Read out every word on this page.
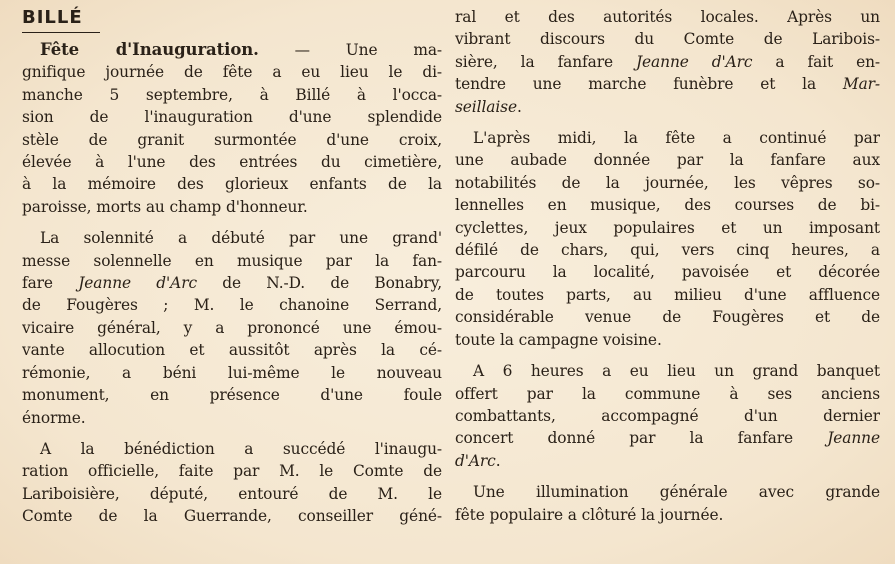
BILLÉ
Fête d'Inauguration. — Une ma-
gnifique journée de fête a eu lieu le di-
manche 5 septembre, à Billé à l'occa-
sion de l'inauguration d'une splendide
stèle de granit surmontée d'une croix,
élevée à l'une des entrées du cimetière,
à la mémoire des glorieux enfants de la
paroisse, morts au champ d'honneur.
La solennité a débuté par une grand'
messe solennelle en musique par la fan-
fare Jeanne d'Arc de N.-D. de Bonabry,
de Fougères ; M. le chanoine Serrand,
vicaire général, y a prononcé une émou-
vante allocution et aussitôt après la cé-
rémonie, a béni lui-même le nouveau
monument, en présence d'une foule
énorme.
A la bénédiction a succédé l'inaugu-
ration officielle, faite par M. le Comte de
Lariboisière, député, entouré de M. le
Comte de la Guerrande, conseiller géné-
ral et des autorités locales. Après un
vibrant discours du Comte de Laribois-
sière, la fanfare Jeanne d'Arc a fait en-
tendre une marche funèbre et la Mar-
seillaise.
L'après midi, la fête a continué par
une aubade donnée par la fanfare aux
notabilités de la journée, les vêpres so-
lennelles en musique, des courses de bi-
cyclettes, jeux populaires et un imposant
défilé de chars, qui, vers cinq heures, a
parcouru la localité, pavoisée et décorée
de toutes parts, au milieu d'une affluence
considérable venue de Fougères et de
toute la campagne voisine.
A 6 heures a eu lieu un grand banquet
offert par la commune à ses anciens
combattants, accompagné d'un dernier
concert donné par la fanfare Jeanne
d'Arc.
Une illumination générale avec grande
fête populaire a clôturé la journée.
